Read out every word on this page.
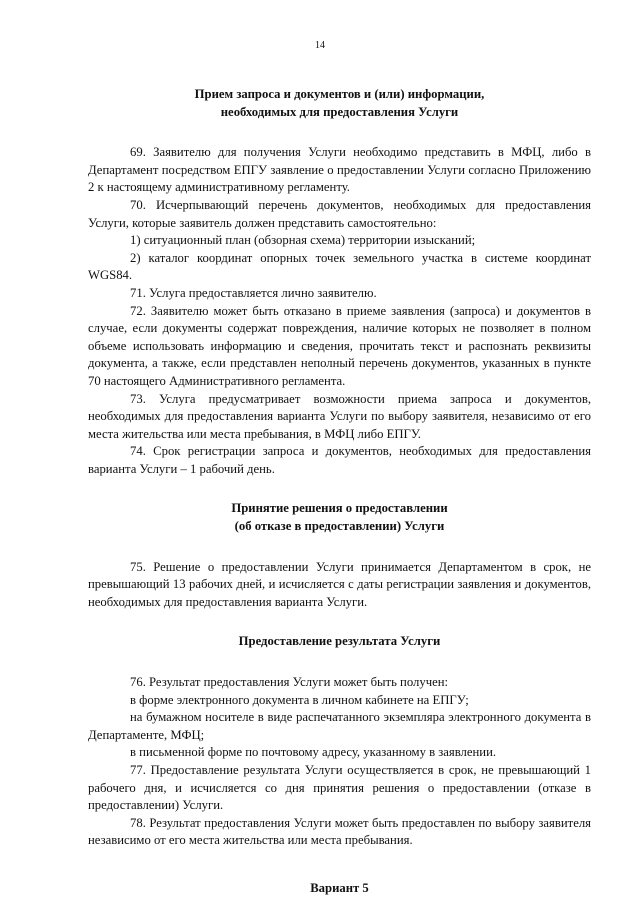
14
Прием запроса и документов и (или) информации,
необходимых для предоставления Услуги

69. Заявителю для получения Услуги необходимо представить в МФЦ, либо в Департамент посредством ЕПГУ заявление о предоставлении Услуги согласно Приложению 2 к настоящему административному регламенту.

70. Исчерпывающий перечень документов, необходимых для предоставления Услуги, которые заявитель должен представить самостоятельно:

1) ситуационный план (обзорная схема) территории изысканий;

2) каталог координат опорных точек земельного участка в системе координат WGS84.

71. Услуга предоставляется лично заявителю.

72. Заявителю может быть отказано в приеме заявления (запроса) и документов в случае, если документы содержат повреждения, наличие которых не позволяет в полном объеме использовать информацию и сведения, прочитать текст и распознать реквизиты документа, а также, если представлен неполный перечень документов, указанных в пункте 70 настоящего Административного регламента.

73. Услуга предусматривает возможности приема запроса и документов, необходимых для предоставления варианта Услуги по выбору заявителя, независимо от его места жительства или места пребывания, в МФЦ либо ЕПГУ.

74. Срок регистрации запроса и документов, необходимых для предоставления варианта Услуги – 1 рабочий день.

Принятие решения о предоставлении
(об отказе в предоставлении) Услуги

75. Решение о предоставлении Услуги принимается Департаментом в срок, не превышающий 13 рабочих дней, и исчисляется с даты регистрации заявления и документов, необходимых для предоставления варианта Услуги.

Предоставление результата Услуги

76. Результат предоставления Услуги может быть получен:

в форме электронного документа в личном кабинете на ЕПГУ;

на бумажном носителе в виде распечатанного экземпляра электронного документа в Департаменте, МФЦ;

в письменной форме по почтовому адресу, указанному в заявлении.

77. Предоставление результата Услуги осуществляется в срок, не превышающий 1 рабочего дня, и исчисляется со дня принятия решения о предоставлении (отказе в предоставлении) Услуги.

78. Результат предоставления Услуги может быть предоставлен по выбору заявителя независимо от его места жительства или места пребывания.

Вариант 5
